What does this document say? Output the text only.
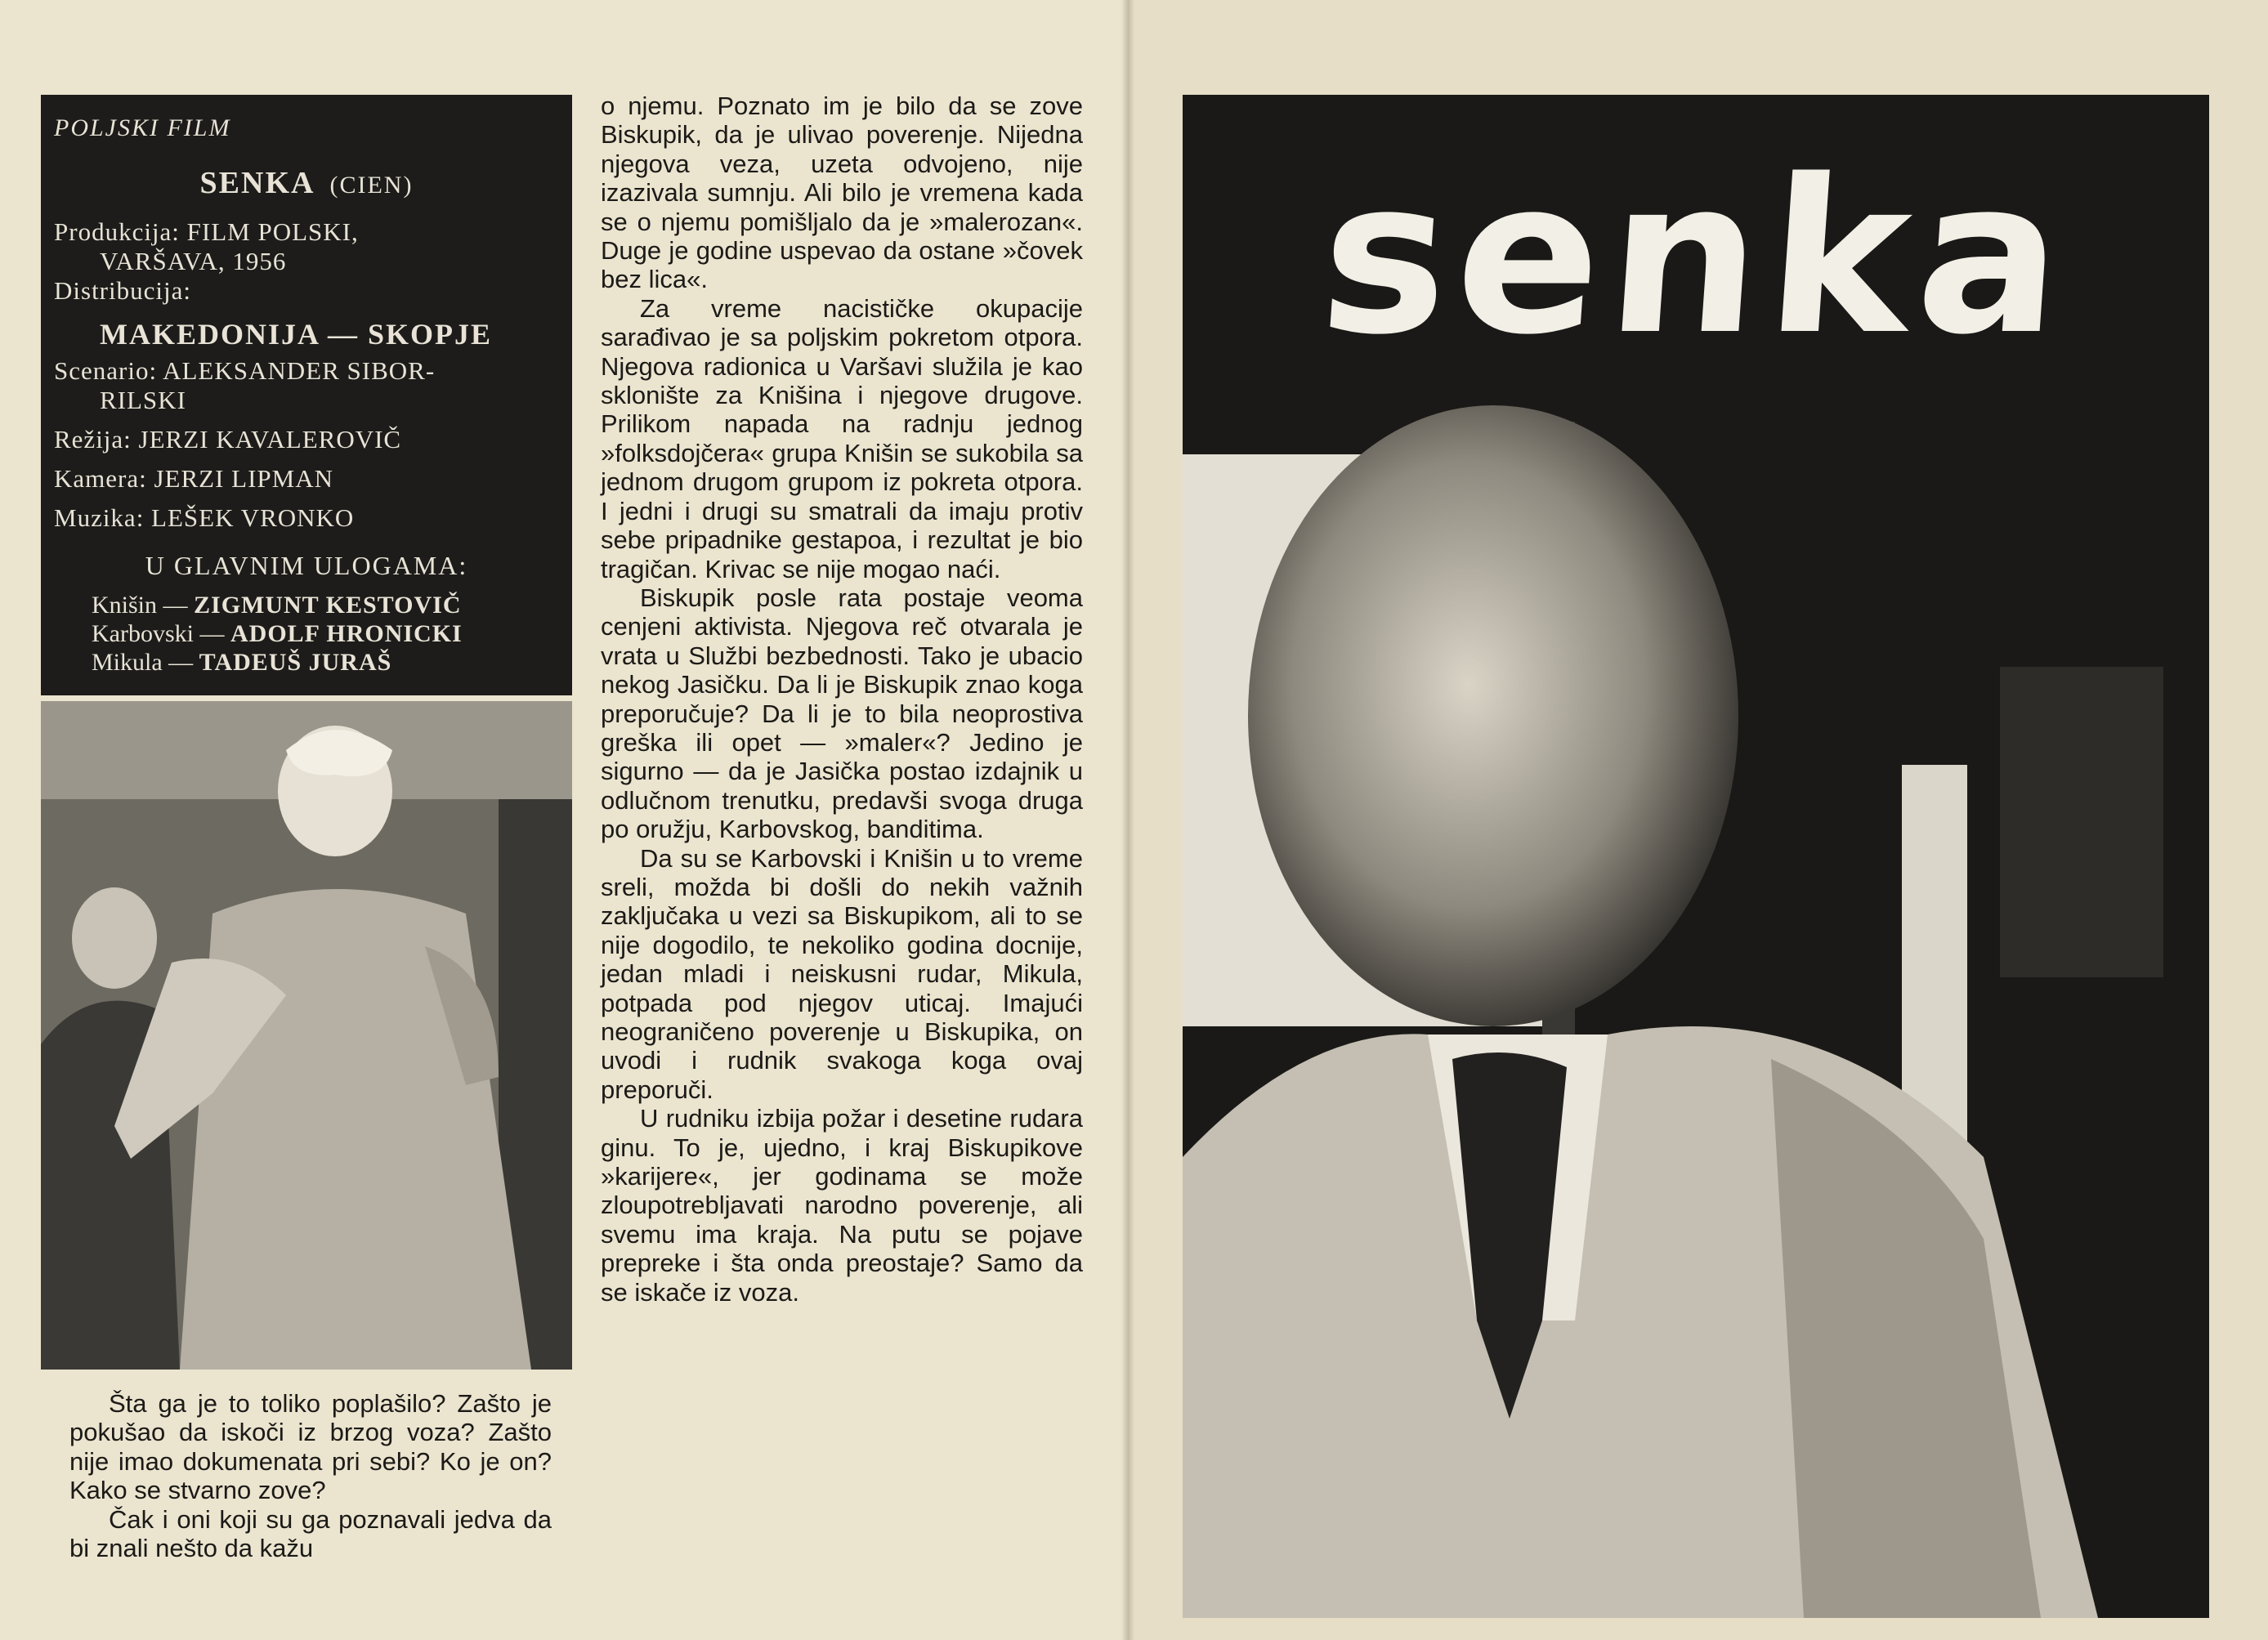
POLJSKI FILM
SENKA (CIEN)
Produkcija: FILM POLSKI,
VARŠAVA, 1956
Distribucija:
MAKEDONIJA — SKOPJE
Scenario: ALEKSANDER SIBOR-
RILSKI
Režija: JERZI KAVALEROVIČ
Kamera: JERZI LIPMAN
Muzika: LEŠEK VRONKO
U GLAVNIM ULOGAMA:
Knišin — ZIGMUNT KESTOVIČ
Karbovski — ADOLF HRONICKI
Mikula — TADEUŠ JURAŠ

Šta ga je to toliko poplašilo? Zašto je pokušao da iskoči iz brzog voza? Zašto nije imao dokumenata pri sebi? Ko je on? Kako se stvarno zove?

Čak i oni koji su ga poznavali jedva da bi znali nešto da kažu

o njemu. Poznato im je bilo da se zove Biskupik, da je ulivao poverenje. Nijedna njegova veza, uzeta odvojeno, nije izazivala sumnju. Ali bilo je vremena kada se o njemu pomišljalo da je »malerozan«. Duge je godine uspevao da ostane »čovek bez lica«.

Za vreme nacističke okupacije sarađivao je sa poljskim pokretom otpora. Njegova radionica u Varšavi služila je kao sklonište za Knišina i njegove drugove. Prilikom napada na radnju jednog »folksdojčera« grupa Knišin se sukobila sa jednom drugom grupom iz pokreta otpora. I jedni i drugi su smatrali da imaju protiv sebe pripadnike gestapoa, i rezultat je bio tragičan. Krivac se nije mogao naći.

Biskupik posle rata postaje veoma cenjeni aktivista. Njegova reč otvarala je vrata u Službi bezbednosti. Tako je ubacio nekog Jasičku. Da li je Biskupik znao koga preporučuje? Da li je to bila neoprostiva greška ili opet — »maler«? Jedino je sigurno — da je Jasička postao izdajnik u odlučnom trenutku, predavši svoga druga po oružju, Karbovskog, banditima.

Da su se Karbovski i Knišin u to vreme sreli, možda bi došli do nekih važnih zaključaka u vezi sa Biskupikom, ali to se nije dogodilo, te nekoliko godina docnije, jedan mladi i neiskusni rudar, Mikula, potpada pod njegov uticaj. Imajući neograničeno poverenje u Biskupika, on uvodi i rudnik svakoga koga ovaj preporuči.

U rudniku izbija požar i desetine rudara ginu. To je, ujedno, i kraj Biskupikove »karijere«, jer godinama se može zloupotrebljavati narodno poverenje, ali svemu ima kraja. Na putu se pojave prepreke i šta onda preostaje? Samo da se iskače iz voza.

senka
